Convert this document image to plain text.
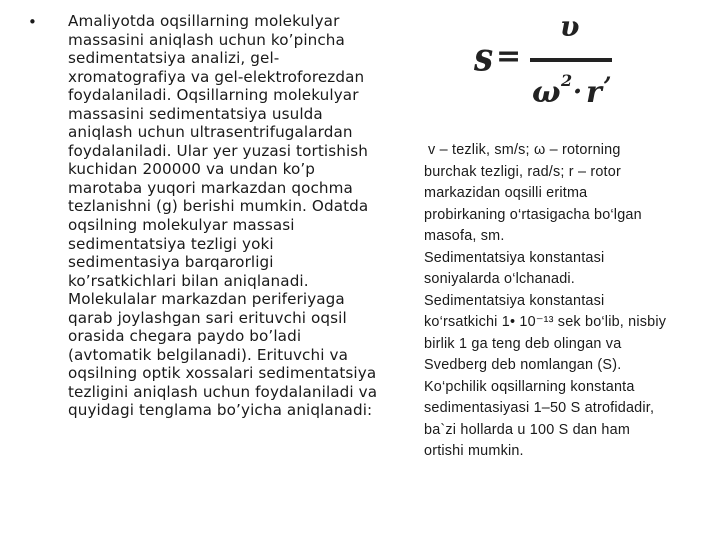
• Amaliyotda oqsillarning molekulyar
massasini aniqlash uchun ko’pincha
sedimentatsiya analizi, gel-
xromatografiya va gel-elektroforezdan
foydalaniladi. Oqsillarning molekulyar
massasini sedimentatsiya usulda
aniqlash uchun ultrasentrifugalardan
foydalaniladi. Ular yer yuzasi tortishish
kuchidan 200000 va undan ko’p
marotaba yuqori markazdan qochma
tezlanishni (g) berishi mumkin. Odatda
oqsilning molekulyar massasi
sedimentatsiya tezligi yoki
sedimentasiya barqarorligi
ko’rsatkichlari bilan aniqlanadi.
Molekulalar markazdan periferiyaga
qarab joylashgan sari erituvchi oqsil
orasida chegara paydo bo’ladi
(avtomatik belgilanadi). Erituvchi va
oqsilning optik xossalari sedimentatsiya
tezligini aniqlash uchun foydalaniladi va
quyidagi tenglama bo’yicha aniqlanadi:
s =
υ
ω 2 · r
,
v – tezlik, sm/s; ω – rotorning
burchak tezligi, rad/s; r – rotor
markazidan oqsilli eritma
probirkaning o‘rtasigacha bo‘lgan
masofa, sm.
Sedimentatsiya konstantasi
soniyalarda o‘lchanadi.
Sedimentatsiya konstantasi
ko‘rsatkichi 1• 10⁻¹³ sek bo‘lib, nisbiy
birlik 1 ga teng deb olingan va
Svedberg deb nomlangan (S).
Ko‘pchilik oqsillarning konstanta
sedimentasiyasi 1–50 S atrofidadir,
ba`zi hollarda u 100 S dan ham
ortishi mumkin.
